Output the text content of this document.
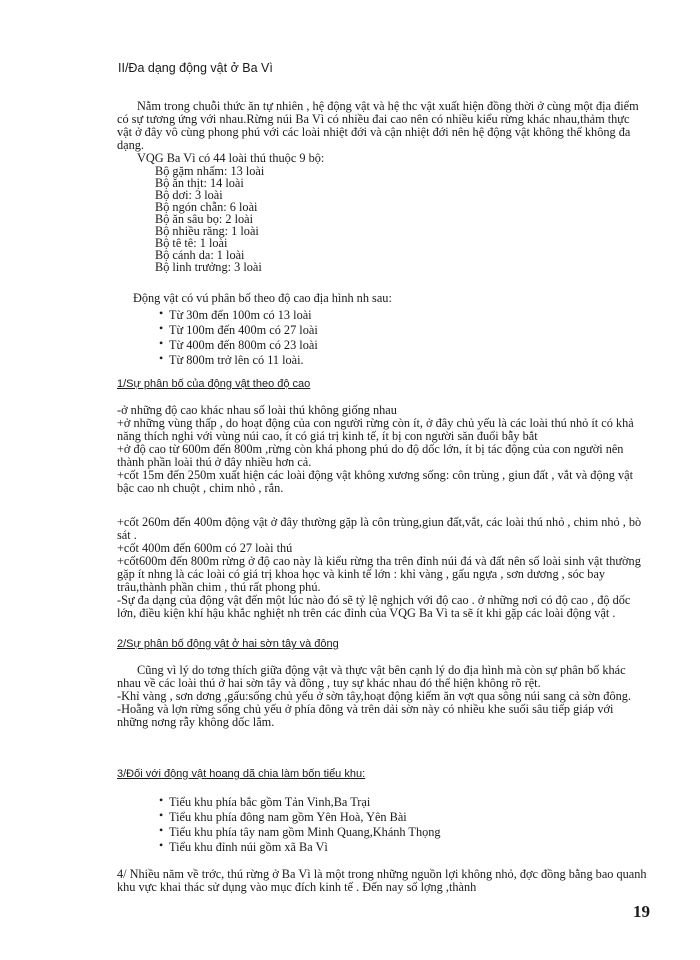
II/Đa dạng động vật ở Ba Vì

Nằm trong chuỗi thức ăn tự nhiên , hệ động vật và hệ thc vật xuất hiện đồng thời ở cùng một địa điểm có sự tương ứng với nhau.Rừng núi Ba Vì có nhiều đai cao nên có nhiều kiểu rừng khác nhau,thảm thực vật ở đây vô cùng phong phú với các loài nhiệt đới và cận nhiệt đới nên hệ động vật không thể không đa dạng.

VQG Ba Vì có 44 loài thú thuộc 9 bộ:

Bộ gặm nhấm: 13 loài
Bộ ăn thịt: 14 loài
Bộ dơi: 3 loài
Bộ ngón chẵn: 6 loài
Bộ ăn sâu bọ: 2 loài
Bộ nhiều răng: 1 loài
Bộ tê tê: 1 loài
Bộ cánh da: 1 loài
Bộ linh trưởng: 3 loài

Động vật có vú phân bố theo độ cao địa hình nh sau:

• Từ 30m đến 100m có 13 loài
• Từ 100m đến 400m có 27 loài
• Từ 400m đến 800m có 23 loài
• Từ 800m trở lên có 11 loài.
1/Sự phân bố của động vật theo độ cao

-ở những độ cao khác nhau số loài thú không giống nhau

+ở những vùng thấp , do hoạt động của con người rừng còn ít, ở đây chủ yếu là các loài thú nhỏ ít có khả năng thích nghi với vùng núi cao, ít có giá trị kinh tế, ít bị con người săn đuổi bẫy bắt

+ở độ cao từ 600m đến 800m ,rừng còn khá phong phú do độ dốc lớn, ít bị tác động của con người nên thành phần loài thú ở đây nhiều hơn cả.

+cốt 15m đến 250m xuất hiện các loài động vật không xương sống: côn trùng , giun đất , vắt và động vật bậc cao nh chuột , chim nhỏ , rắn.

+cốt 260m đến 400m động vật ở đây thường gặp là côn trùng,giun đất,vắt, các loài thú nhỏ , chim nhỏ , bò sát .

+cốt 400m đến 600m có 27 loài thú

+cốt600m đến 800m rừng ở độ cao này là kiểu rừng tha trên đỉnh núi đá và đất nên số loài sinh vật thường gặp ít nhng là các loài có giá trị khoa học và kinh tế lớn : khỉ vàng , gấu ngựa , sơn dương , sóc bay trâu,thành phần chim , thú rất phong phú.

-Sự đa dạng của động vật đến một lúc nào đó sẽ tỷ lệ nghịch với độ cao . ở những nơi có độ cao , độ dốc lớn, điều kiện khí hậu khắc nghiệt nh trên các đỉnh của VQG Ba Vì ta sẽ ít khi gặp các loài động vật .

2/Sự phân bố động vật ở hai sờn tây và đông

Cũng vì lý do tơng thích giữa động vật và thực vật bên cạnh lý do địa hình mà còn sự phân bố khác nhau về các loài thú ở hai sờn tây và đông , tuy sự khác nhau đó thể hiện không rõ rệt.

-Khỉ vàng , sơn dơng ,gấu:sống chủ yếu ở sờn tây,hoạt động kiếm ăn vợt qua sông núi sang cả sờn đông.

-Hoẵng và lợn rừng sống chủ yếu ở phía đông và trên dải sờn này có nhiều khe suối sâu tiếp giáp với những nơng rẫy không dốc lắm.

3/Đối với động vật hoang dã chia làm bốn tiểu khu:
• Tiểu khu phía bắc gồm Tản Vinh,Ba Trại
• Tiểu khu phía đông nam gồm Yên Hoà, Yên Bài
• Tiểu khu phía tây nam gồm Minh Quang,Khánh Thọng
• Tiểu khu đỉnh núi gồm xã Ba Vì

4/ Nhiều năm về trớc, thú rừng ở Ba Vì là một trong những nguồn lợi không nhỏ, đợc đồng bằng bao quanh khu vực khai thác sử dụng vào mục đích kinh tế . Đến nay số lợng ,thành

19
